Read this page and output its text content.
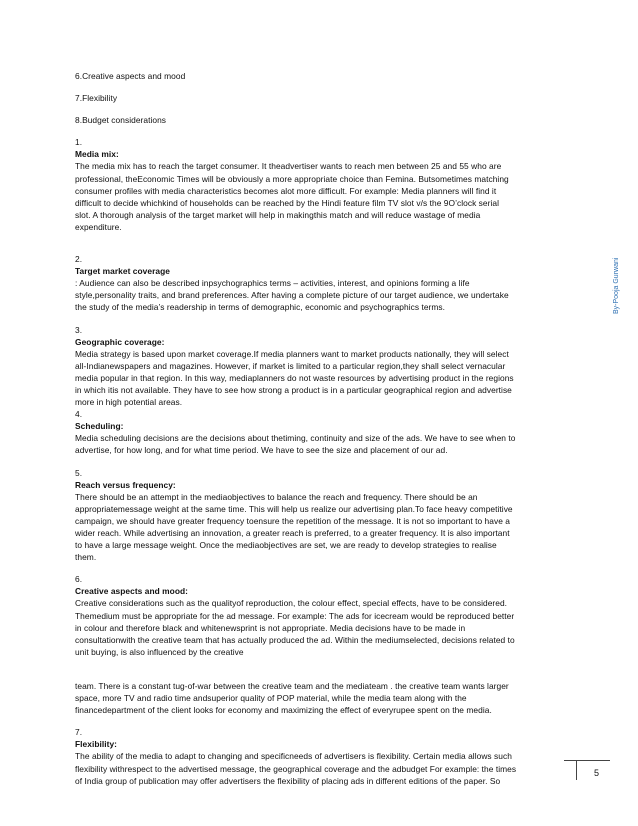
6.Creative aspects and mood

7.Flexibility

8.Budget considerations

1.

Media mix:

The media mix has to reach the target consumer. It theadvertiser wants to reach men between 25 and 55 who are

professional, theEconomic Times will be obviously a more appropriate choice than Femina. Butsometimes matching

consumer profiles with media characteristics becomes alot more difficult. For example: Media planners will find it

difficult to decide whichkind of households can be reached by the Hindi feature film TV slot v/s the 9O’clock serial

slot. A thorough analysis of the target market will help in makingthis match and will reduce wastage of media

expenditure.

2.

Target market coverage

: Audience can also be described inpsychographics terms – activities, interest, and opinions forming a life

style,personality traits, and brand preferences. After having a complete picture of our target audience, we undertake

the study of the media’s readership in terms of demographic, economic and psychographics terms.

3.

Geographic coverage:

Media strategy is based upon market coverage.If media planners want to market products nationally, they will select

all-Indianewspapers and magazines. However, if market is limited to a particular region,they shall select vernacular

media popular in that region. In this way, mediaplanners do not waste resources by advertising product in the regions

in which itis not available. They have to see how strong a product is in a particular geographical region and advertise

more in high potential areas.

4.

Scheduling:

Media scheduling decisions are the decisions about thetiming, continuity and size of the ads. We have to see when to

advertise, for how long, and for what time period. We have to see the size and placement of our ad.

5.

Reach versus frequency:

There should be an attempt in the mediaobjectives to balance the reach and frequency. There should be an

appropriatemessage weight at the same time. This will help us realize our advertising plan.To face heavy competitive

campaign, we should have greater frequency toensure the repetition of the message. It is not so important to have a

wider reach. While advertising an innovation, a greater reach is preferred, to a greater frequency. It is also important

to have a large message weight. Once the mediaobjectives are set, we are ready to develop strategies to realise

them.

6.

Creative aspects and mood:

Creative considerations such as the qualityof reproduction, the colour effect, special effects, have to be considered.

Themedium must be appropriate for the ad message. For example: The ads for icecream would be reproduced better

in colour and therefore black and whitenewsprint is not appropriate. Media decisions have to be made in

consultationwith the creative team that has actually produced the ad. Within the mediumselected, decisions related to

unit buying, is also influenced by the creative

team. There is a constant tug-of-war between the creative team and the mediateam . the creative team wants larger

space, more TV and radio time andsuperior quality of POP material, while the media team along with the

financedepartment of the client looks for economy and maximizing the effect of everyrupee spent on the media.

7.

Flexibility:

The ability of the media to adapt to changing and specificneeds of advertisers is flexibility. Certain media allows such

flexibility withrespect to the advertised message, the geographical coverage and the adbudget For example: the times

of India group of publication may offer advertisers the flexibility of placing ads in different editions of the paper. So

By-Pooja Gurwani
5
